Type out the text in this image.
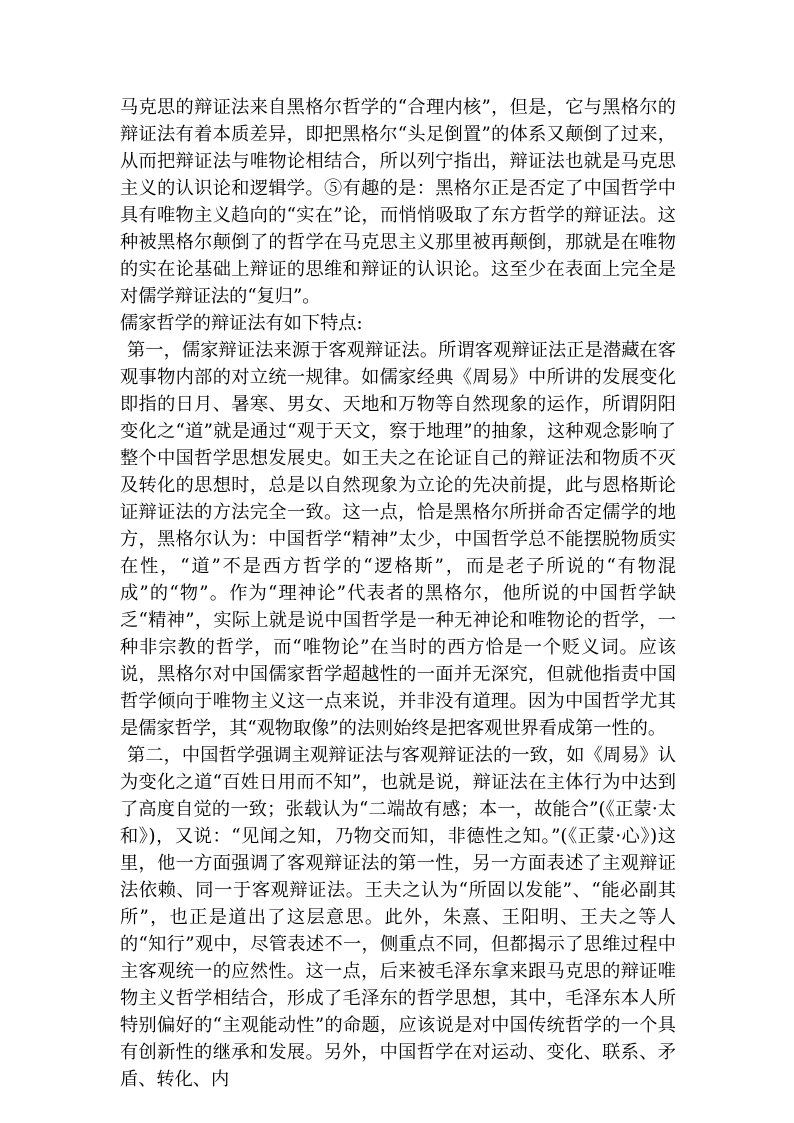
马克思的辩证法来自黑格尔哲学的“合理内核”，但是，它与黑格尔的辩证法有着本质差异，即把黑格尔“头足倒置”的体系又颠倒了过来，从而把辩证法与唯物论相结合，所以列宁指出，辩证法也就是马克思主义的认识论和逻辑学。⑤有趣的是：黑格尔正是否定了中国哲学中具有唯物主义趋向的“实在”论，而悄悄吸取了东方哲学的辩证法。这种被黑格尔颠倒了的哲学在马克思主义那里被再颠倒，那就是在唯物的实在论基础上辩证的思维和辩证的认识论。这至少在表面上完全是对儒学辩证法的“复归”。

儒家哲学的辩证法有如下特点:

第一，儒家辩证法来源于客观辩证法。所谓客观辩证法正是潜藏在客观事物内部的对立统一规律。如儒家经典《周易》中所讲的发展变化即指的日月、暑寒、男女、天地和万物等自然现象的运作，所谓阴阳变化之“道”就是通过“观于天文，察于地理”的抽象，这种观念影响了整个中国哲学思想发展史。如王夫之在论证自己的辩证法和物质不灭及转化的思想时，总是以自然现象为立论的先决前提，此与恩格斯论证辩证法的方法完全一致。这一点，恰是黑格尔所拼命否定儒学的地方，黑格尔认为：中国哲学“精神”太少，中国哲学总不能摆脱物质实在性，“道”不是西方哲学的“逻格斯”，而是老子所说的“有物混成”的“物”。作为“理神论”代表者的黑格尔，他所说的中国哲学缺乏“精神”，实际上就是说中国哲学是一种无神论和唯物论的哲学，一种非宗教的哲学，而“唯物论”在当时的西方恰是一个贬义词。应该说，黑格尔对中国儒家哲学超越性的一面并无深究，但就他指责中国哲学倾向于唯物主义这一点来说，并非没有道理。因为中国哲学尤其是儒家哲学，其“观物取像”的法则始终是把客观世界看成第一性的。

第二，中国哲学强调主观辩证法与客观辩证法的一致，如《周易》认为变化之道“百姓日用而不知”，也就是说，辩证法在主体行为中达到了高度自觉的一致；张载认为“二端故有感；本一，故能合”(《正蒙·太和》)，又说：“见闻之知，乃物交而知，非德性之知。”(《正蒙·心》)这里，他一方面强调了客观辩证法的第一性，另一方面表述了主观辩证法依赖、同一于客观辩证法。王夫之认为“所固以发能”、“能必副其所”，也正是道出了这层意思。此外，朱熹、王阳明、王夫之等人的“知行”观中，尽管表述不一，侧重点不同，但都揭示了思维过程中主客观统一的应然性。这一点，后来被毛泽东拿来跟马克思的辩证唯物主义哲学相结合，形成了毛泽东的哲学思想，其中，毛泽东本人所特别偏好的“主观能动性”的命题，应该说是对中国传统哲学的一个具有创新性的继承和发展。另外，中国哲学在对运动、变化、联系、矛盾、转化、内
